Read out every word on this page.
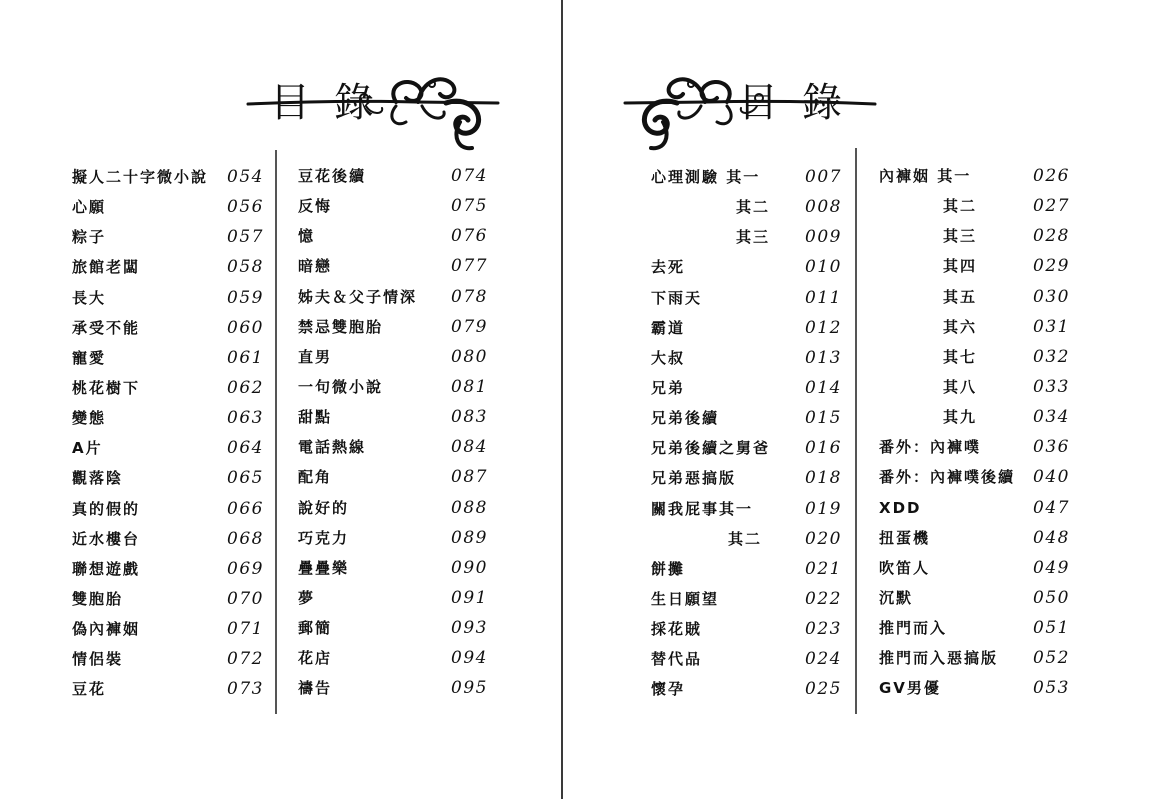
目錄	目錄
擬人二十字微小說 054
心願	056
粽子	057
旅館老闆	058
長大	059
承受不能	060
寵愛	061
桃花樹下	062
變態	063
A片	064
觀落陰	065
真的假的	066
近水樓台	068
聯想遊戲	069
雙胞胎	070
偽內褲姻	071
情侶裝	072
豆花	073
豆花後續	074
反悔	075
憶	076
暗戀	077
姊夫＆父子情深 078
禁忌雙胞胎	079
直男	080
一句微小說	081
甜點	083
電話熱線	084
配角	087
說好的	088
巧克力	089
疊疊樂	090
夢	091
郵簡	093
花店	094
禱告	095
心理測驗 其一	007
其二 008
其三 009
去死	010
下雨天	011
霸道	012
大叔	013
兄弟	014
兄弟後續	015
兄弟後續之舅爸 016
兄弟惡搞版	018
關我屁事其一	019
其二	020
餅攤	021
生日願望	022
採花賊	023
替代品	024
懷孕	025
內褲姻 其一	026
其二	027
其三	028
其四	029
其五	030
其六	031
其七	032
其八	033
其九	034
番外：內褲噗	036
番外：內褲噗後續 040
XDD	047
扭蛋機	048
吹笛人	049
沉默	050
推門而入	051
推門而入惡搞版 052
GV男優	053
